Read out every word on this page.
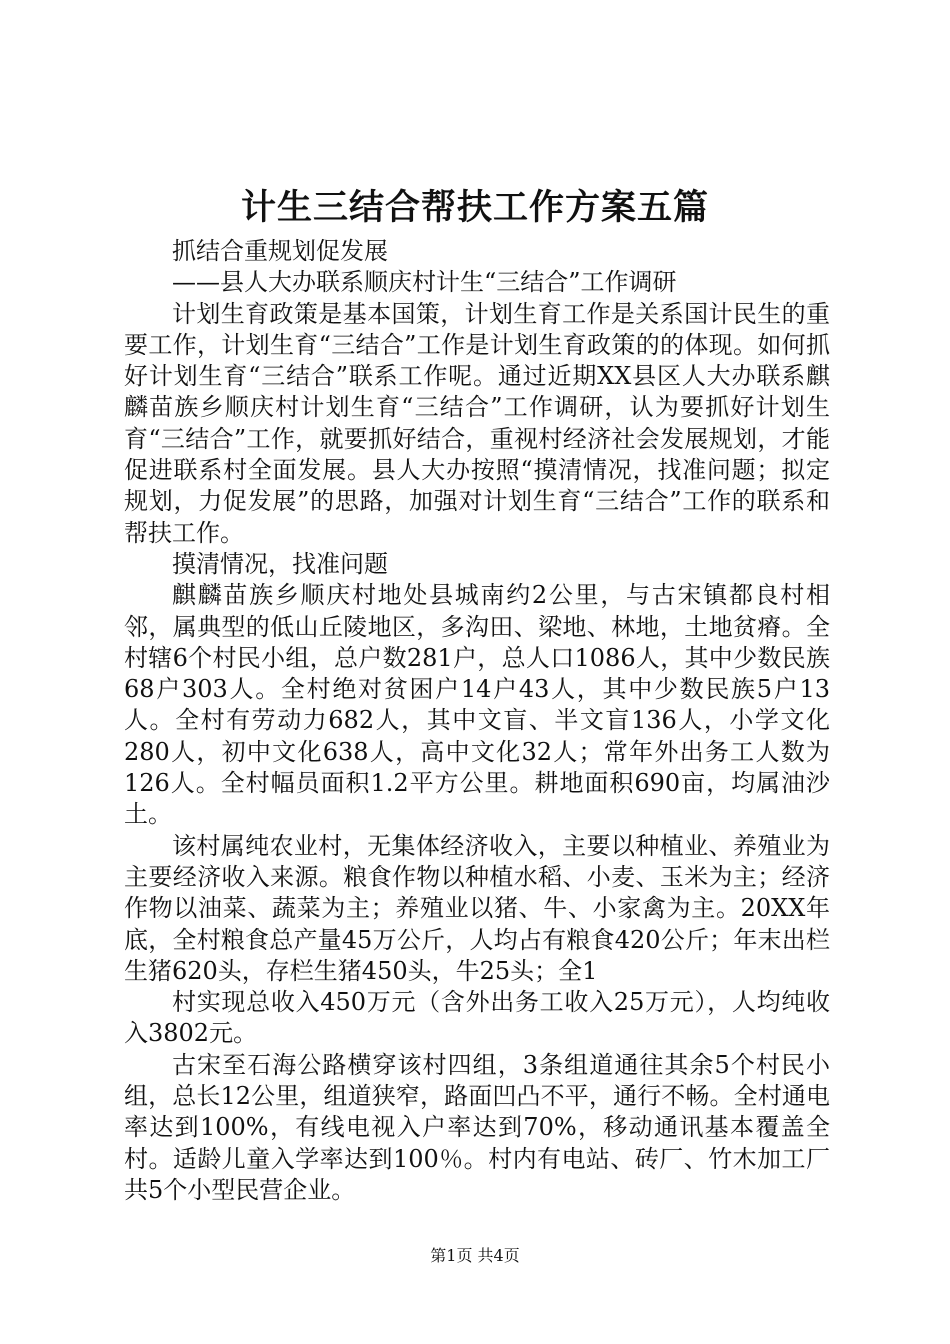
计生三结合帮扶工作方案五篇

抓结合重规划促发展

——县人大办联系顺庆村计生“三结合”工作调研

计划生育政策是基本国策，计划生育工作是关系国计民生的重要工作，计划生育“三结合”工作是计划生育政策的的体现。如何抓好计划生育“三结合”联系工作呢。通过近期XX县区人大办联系麒麟苗族乡顺庆村计划生育“三结合”工作调研，认为要抓好计划生育“三结合”工作，就要抓好结合，重视村经济社会发展规划，才能促进联系村全面发展。县人大办按照“摸清情况，找准问题；拟定规划，力促发展”的思路，加强对计划生育“三结合”工作的联系和帮扶工作。

摸清情况，找准问题

麒麟苗族乡顺庆村地处县城南约2公里，与古宋镇都良村相邻，属典型的低山丘陵地区，多沟田、梁地、林地，土地贫瘠。全村辖6个村民小组，总户数281户，总人口1086人，其中少数民族68户303人。全村绝对贫困户14户43人，其中少数民族5户13人。全村有劳动力682人，其中文盲、半文盲136人，小学文化280人，初中文化638人，高中文化32人；常年外出务工人数为126人。全村幅员面积1.2平方公里。耕地面积690亩，均属油沙土。

该村属纯农业村，无集体经济收入，主要以种植业、养殖业为主要经济收入来源。粮食作物以种植水稻、小麦、玉米为主；经济作物以油菜、蔬菜为主；养殖业以猪、牛、小家禽为主。20XX年底，全村粮食总产量45万公斤，人均占有粮食420公斤；年末出栏生猪620头，存栏生猪450头，牛25头；全1

村实现总收入450万元（含外出务工收入25万元），人均纯收入3802元。

古宋至石海公路横穿该村四组，3条组道通往其余5个村民小组，总长12公里，组道狭窄，路面凹凸不平，通行不畅。全村通电率达到100%，有线电视入户率达到70%，移动通讯基本覆盖全村。适龄儿童入学率达到100％。村内有电站、砖厂、竹木加工厂共5个小型民营企业。

第1页 共4页
